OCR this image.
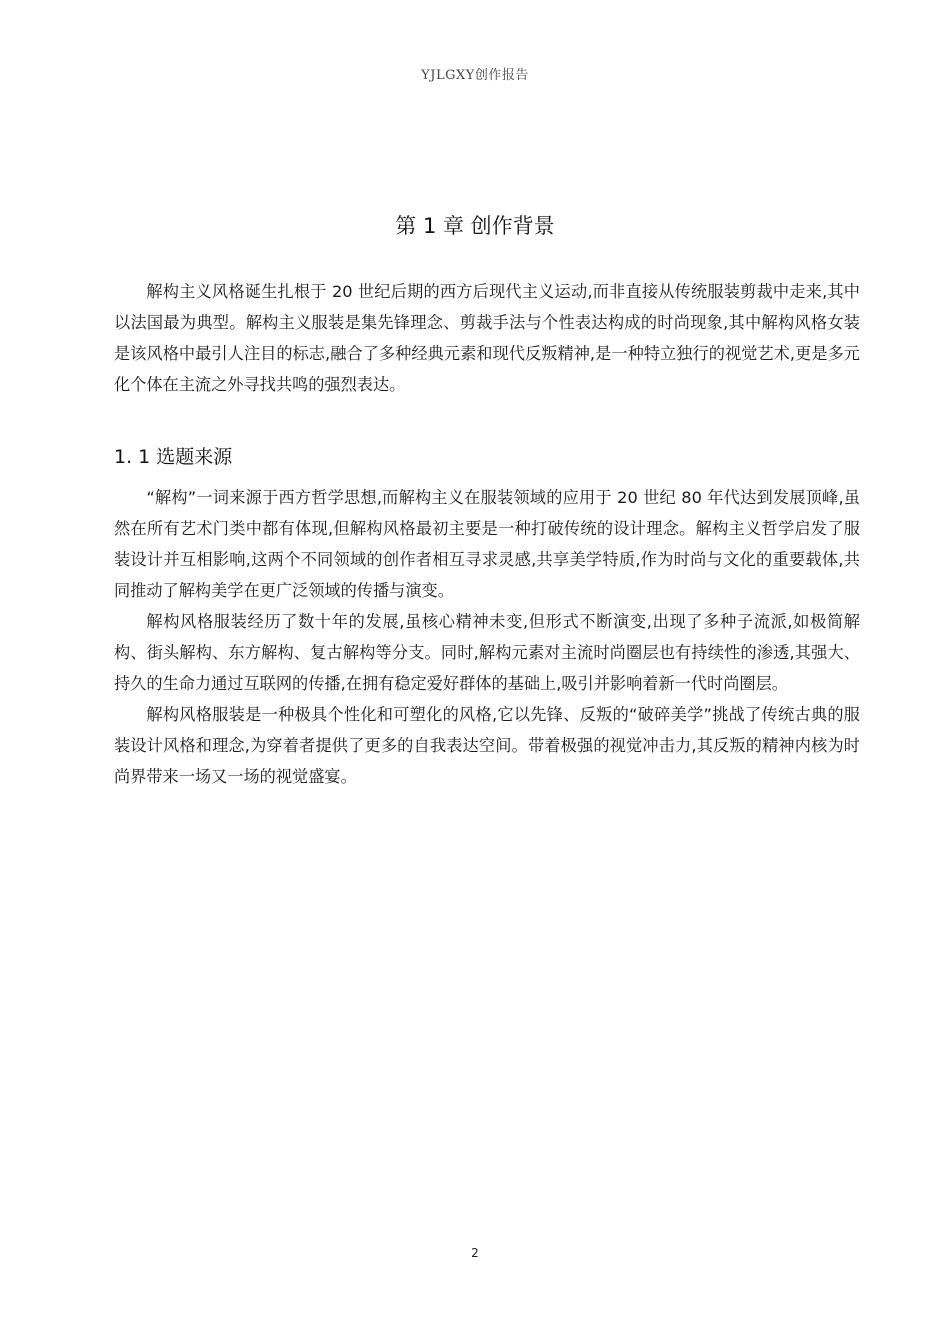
YJLGXY创作报告
第 1 章 创作背景

解构主义风格诞生扎根于 20 世纪后期的西方后现代主义运动,而非直接从传统服装剪裁中走来,其中以法国最为典型。解构主义服装是集先锋理念、剪裁手法与个性表达构成的时尚现象,其中解构风格女装是该风格中最引人注目的标志,融合了多种经典元素和现代反叛精神,是一种特立独行的视觉艺术,更是多元化个体在主流之外寻找共鸣的强烈表达。

1. 1 选题来源

“解构”一词来源于西方哲学思想,而解构主义在服装领域的应用于 20 世纪 80 年代达到发展顶峰,虽然在所有艺术门类中都有体现,但解构风格最初主要是一种打破传统的设计理念。解构主义哲学启发了服装设计并互相影响,这两个不同领域的创作者相互寻求灵感,共享美学特质,作为时尚与文化的重要载体,共同推动了解构美学在更广泛领域的传播与演变。

解构风格服装经历了数十年的发展,虽核心精神未变,但形式不断演变,出现了多种子流派,如极简解构、街头解构、东方解构、复古解构等分支。同时,解构元素对主流时尚圈层也有持续性的渗透,其强大、持久的生命力通过互联网的传播,在拥有稳定爱好群体的基础上,吸引并影响着新一代时尚圈层。

解构风格服装是一种极具个性化和可塑化的风格,它以先锋、反叛的“破碎美学”挑战了传统古典的服装设计风格和理念,为穿着者提供了更多的自我表达空间。带着极强的视觉冲击力,其反叛的精神内核为时尚界带来一场又一场的视觉盛宴。

2
